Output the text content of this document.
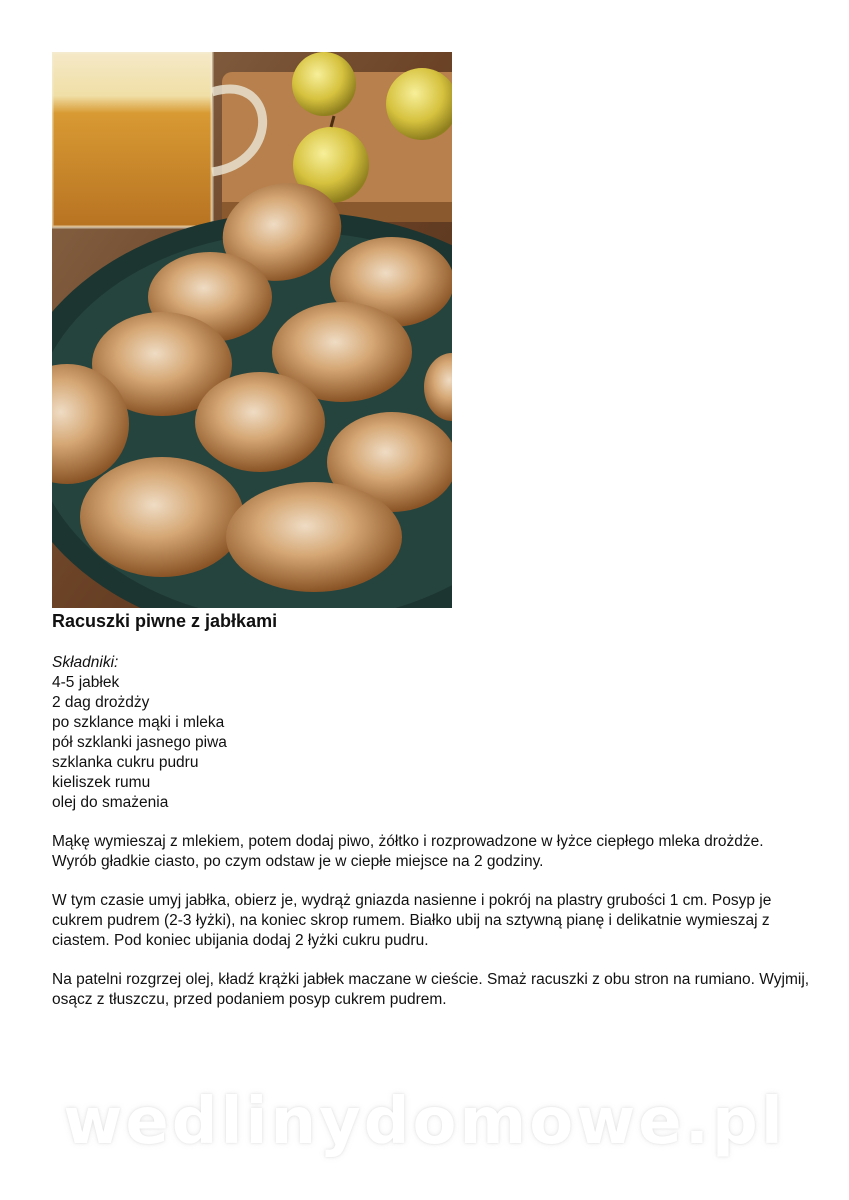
Racuszki piwne z jabłkami
Składniki:
4-5 jabłek
2 dag drożdży
po szklance mąki i mleka
pół szklanki jasnego piwa
szklanka cukru pudru
kieliszek rumu
olej do smażenia

Mąkę wymieszaj z mlekiem, potem dodaj piwo, żółtko i rozprowadzone w łyżce ciepłego mleka drożdże. Wyrób gładkie ciasto, po czym odstaw je w ciepłe miejsce na 2 godziny.

W tym czasie umyj jabłka, obierz je, wydrąż gniazda nasienne i pokrój na plastry grubości 1 cm. Posyp je cukrem pudrem (2-3 łyżki), na koniec skrop rumem. Białko ubij na sztywną pianę i delikatnie wymieszaj z ciastem. Pod koniec ubijania dodaj 2 łyżki cukru pudru.

Na patelni rozgrzej olej, kładź krążki jabłek maczane w cieście. Smaż racuszki z obu stron na rumiano. Wyjmij, osącz z tłuszczu, przed podaniem posyp cukrem pudrem.

wedlinydomowe.pl
